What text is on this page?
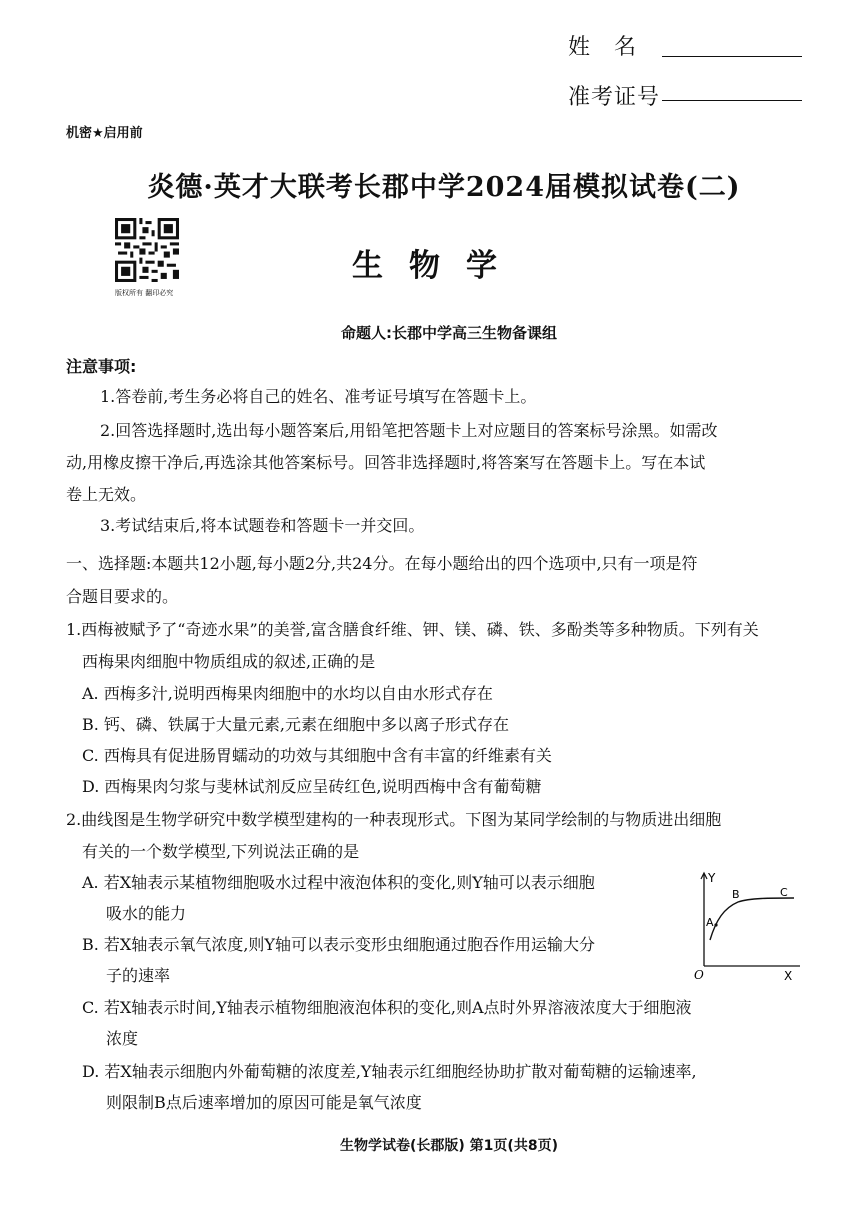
姓　名
准考证号
机密★启用前
炎德·英才大联考长郡中学2024届模拟试卷(二)
版权所有 翻印必究
生物学
命题人:长郡中学高三生物备课组
注意事项:
1.答卷前,考生务必将自己的姓名、准考证号填写在答题卡上。
2.回答选择题时,选出每小题答案后,用铅笔把答题卡上对应题目的答案标号涂黑。如需改
动,用橡皮擦干净后,再选涂其他答案标号。回答非选择题时,将答案写在答题卡上。写在本试
卷上无效。
3.考试结束后,将本试题卷和答题卡一并交回。
一、选择题:本题共12小题,每小题2分,共24分。在每小题给出的四个选项中,只有一项是符
合题目要求的。
1.西梅被赋予了“奇迹水果”的美誉,富含膳食纤维、钾、镁、磷、铁、多酚类等多种物质。下列有关
西梅果肉细胞中物质组成的叙述,正确的是
A. 西梅多汁,说明西梅果肉细胞中的水均以自由水形式存在
B. 钙、磷、铁属于大量元素,元素在细胞中多以离子形式存在
C. 西梅具有促进肠胃蠕动的功效与其细胞中含有丰富的纤维素有关
D. 西梅果肉匀浆与斐林试剂反应呈砖红色,说明西梅中含有葡萄糖
2.曲线图是生物学研究中数学模型建构的一种表现形式。下图为某同学绘制的与物质进出细胞
有关的一个数学模型,下列说法正确的是
A. 若X轴表示某植物细胞吸水过程中液泡体积的变化,则Y轴可以表示细胞
吸水的能力
B. 若X轴表示氧气浓度,则Y轴可以表示变形虫细胞通过胞吞作用运输大分
子的速率
C. 若X轴表示时间,Y轴表示植物细胞液泡体积的变化,则A点时外界溶液浓度大于细胞液
浓度
D. 若X轴表示细胞内外葡萄糖的浓度差,Y轴表示红细胞经协助扩散对葡萄糖的运输速率,
则限制B点后速率增加的原因可能是氧气浓度
Y
X
O
A
B	C
生物学试卷(长郡版) 第1页(共8页)
